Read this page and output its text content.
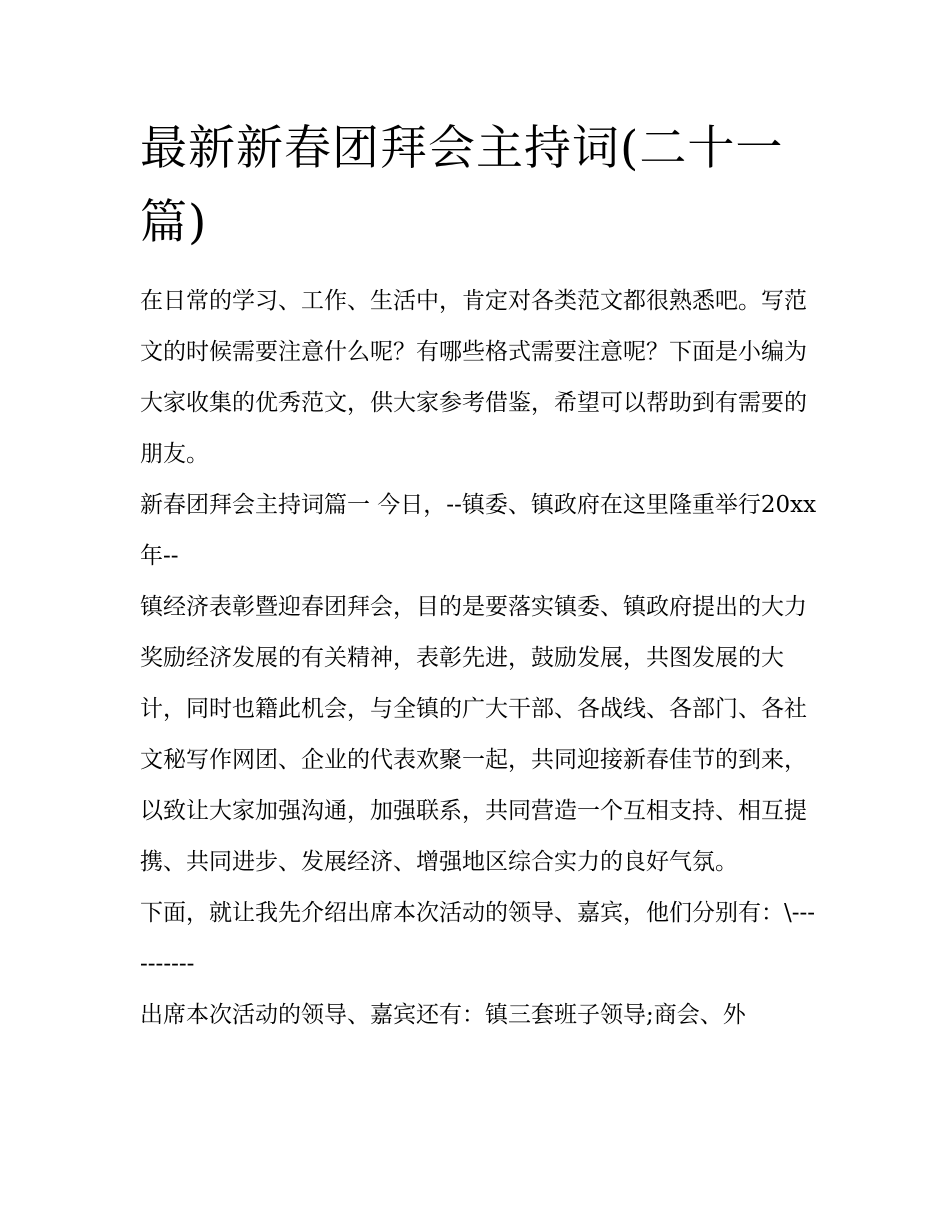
最新新春团拜会主持词(二十一篇)

在日常的学习、工作、生活中，肯定对各类范文都很熟悉吧。写范文的时候需要注意什么呢？有哪些格式需要注意呢？下面是小编为大家收集的优秀范文，供大家参考借鉴，希望可以帮助到有需要的朋友。

新春团拜会主持词篇一 今日，--镇委、镇政府在这里隆重举行20xx年--

镇经济表彰暨迎春团拜会，目的是要落实镇委、镇政府提出的大力奖励经济发展的有关精神，表彰先进，鼓励发展，共图发展的大计，同时也籍此机会，与全镇的广大干部、各战线、各部门、各社文秘写作网团、企业的代表欢聚一起，共同迎接新春佳节的到来，以致让大家加强沟通，加强联系，共同营造一个互相支持、相互提携、共同进步、发展经济、增强地区综合实力的良好气氛。

下面，就让我先介绍出席本次活动的领导、嘉宾，他们分别有：\----------

出席本次活动的领导、嘉宾还有：镇三套班子领导;商会、外
